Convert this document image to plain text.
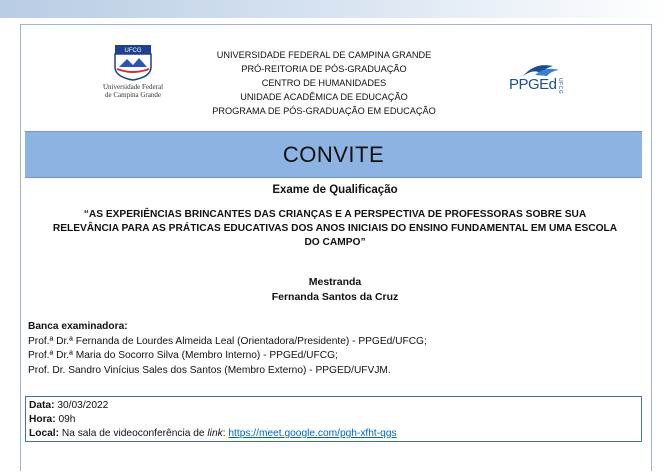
UFCG
Universidade Federal
de Campina Grande
UNIVERSIDADE FEDERAL DE CAMPINA GRANDE
PRÓ-REITORIA DE PÓS-GRADUAÇÃO
CENTRO DE HUMANIDADES
UNIDADE ACADÊMICA DE EDUCAÇÃO
PROGRAMA DE PÓS-GRADUAÇÃO EM EDUCAÇÃO
PPGEd UFCG
CONVITE
Exame de Qualificação
“AS EXPERIÊNCIAS BRINCANTES DAS CRIANÇAS E A PERSPECTIVA DE PROFESSORAS SOBRE SUA RELEVÂNCIA PARA AS PRÁTICAS EDUCATIVAS DOS ANOS INICIAIS DO ENSINO FUNDAMENTAL EM UMA ESCOLA DO CAMPO”
Mestranda
Fernanda Santos da Cruz
Banca examinadora:
Prof.ª Dr.ª Fernanda de Lourdes Almeida Leal (Orientadora/Presidente) - PPGEd/UFCG;
Prof.ª Dr.ª Maria do Socorro Silva (Membro Interno) - PPGEd/UFCG;
Prof. Dr. Sandro Vinícius Sales dos Santos (Membro Externo) - PPGED/UFVJM.
Data: 30/03/2022
Hora: 09h
Local: Na sala de videoconferência de link: https://meet.google.com/pgh-xfht-qgs
